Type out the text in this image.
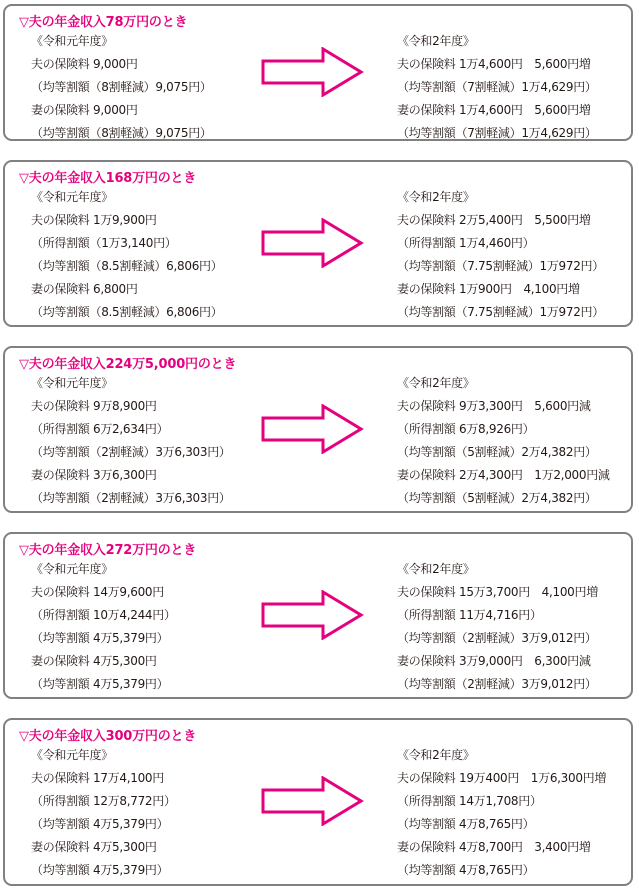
▽夫の年金収入78万円のとき
《令和元年度》
夫の保険料 9,000円
（均等割額（8割軽減）9,075円）
妻の保険料 9,000円
（均等割額（8割軽減）9,075円）
《令和2年度》
夫の保険料 1万4,600円　5,600円増
（均等割額（7割軽減）1万4,629円）
妻の保険料 1万4,600円　5,600円増
（均等割額（7割軽減）1万4,629円）
▽夫の年金収入168万円のとき
《令和元年度》
夫の保険料 1万9,900円
（所得割額（1万3,140円）
（均等割額（8.5割軽減）6,806円）
妻の保険料 6,800円
（均等割額（8.5割軽減）6,806円）
《令和2年度》
夫の保険料 2万5,400円　5,500円増
（所得割額 1万4,460円）
（均等割額（7.75割軽減）1万972円）
妻の保険料 1万900円　4,100円増
（均等割額（7.75割軽減）1万972円）
▽夫の年金収入224万5,000円のとき
《令和元年度》
夫の保険料 9万8,900円
（所得割額 6万2,634円）
（均等割額（2割軽減）3万6,303円）
妻の保険料 3万6,300円
（均等割額（2割軽減）3万6,303円）
《令和2年度》
夫の保険料 9万3,300円　5,600円減
（所得割額 6万8,926円）
（均等割額（5割軽減）2万4,382円）
妻の保険料 2万4,300円　1万2,000円減
（均等割額（5割軽減）2万4,382円）
▽夫の年金収入272万円のとき
《令和元年度》
夫の保険料 14万9,600円
（所得割額 10万4,244円）
（均等割額 4万5,379円）
妻の保険料 4万5,300円
（均等割額 4万5,379円）
《令和2年度》
夫の保険料 15万3,700円　4,100円増
（所得割額 11万4,716円）
（均等割額（2割軽減）3万9,012円）
妻の保険料 3万9,000円　6,300円減
（均等割額（2割軽減）3万9,012円）
▽夫の年金収入300万円のとき
《令和元年度》
夫の保険料 17万4,100円
（所得割額 12万8,772円）
（均等割額 4万5,379円）
妻の保険料 4万5,300円
（均等割額 4万5,379円）
《令和2年度》
夫の保険料 19万400円　1万6,300円増
（所得割額 14万1,708円）
（均等割額 4万8,765円）
妻の保険料 4万8,700円　3,400円増
（均等割額 4万8,765円）
